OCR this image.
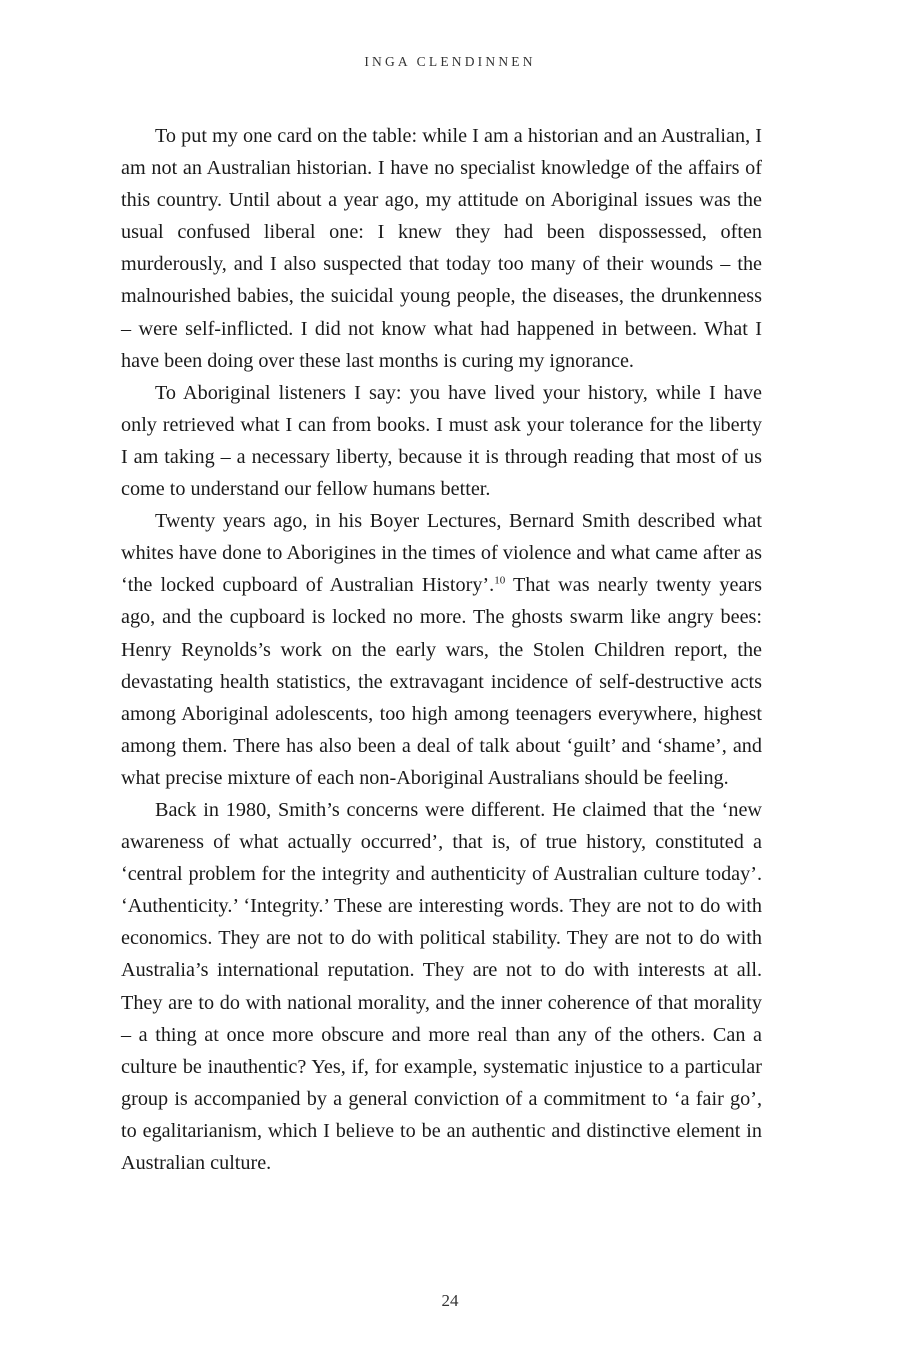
INGA CLENDINNEN

To put my one card on the table: while I am a historian and an Australian, I am not an Australian historian. I have no specialist knowledge of the affairs of this country. Until about a year ago, my attitude on Aboriginal issues was the usual confused liberal one: I knew they had been dispossessed, often murderously, and I also suspected that today too many of their wounds – the malnourished babies, the suicidal young people, the diseases, the drunkenness – were self-inflicted. I did not know what had happened in between. What I have been doing over these last months is curing my ignorance.

To Aboriginal listeners I say: you have lived your history, while I have only retrieved what I can from books. I must ask your tolerance for the liberty I am taking – a necessary liberty, because it is through reading that most of us come to understand our fellow humans better.

Twenty years ago, in his Boyer Lectures, Bernard Smith described what whites have done to Aborigines in the times of violence and what came after as ‘the locked cupboard of Australian History’.$^{10}$ That was nearly twenty years ago, and the cupboard is locked no more. The ghosts swarm like angry bees: Henry Reynolds’s work on the early wars, the Stolen Children report, the devastating health statistics, the extravagant incidence of self-destructive acts among Aboriginal adolescents, too high among teenagers everywhere, highest among them. There has also been a deal of talk about ‘guilt’ and ‘shame’, and what precise mixture of each non-Aboriginal Australians should be feeling.

Back in 1980, Smith’s concerns were different. He claimed that the ‘new awareness of what actually occurred’, that is, of true history, constituted a ‘central problem for the integrity and authenticity of Australian culture today’. ‘Authenticity.’ ‘Integrity.’ These are interesting words. They are not to do with economics. They are not to do with political stability. They are not to do with Australia’s international reputation. They are not to do with interests at all. They are to do with national morality, and the inner coherence of that morality – a thing at once more obscure and more real than any of the others. Can a culture be inauthentic? Yes, if, for example, systematic injustice to a particular group is accompanied by a general conviction of a commitment to ‘a fair go’, to egalitarianism, which I believe to be an authentic and distinctive element in Australian culture.

24
